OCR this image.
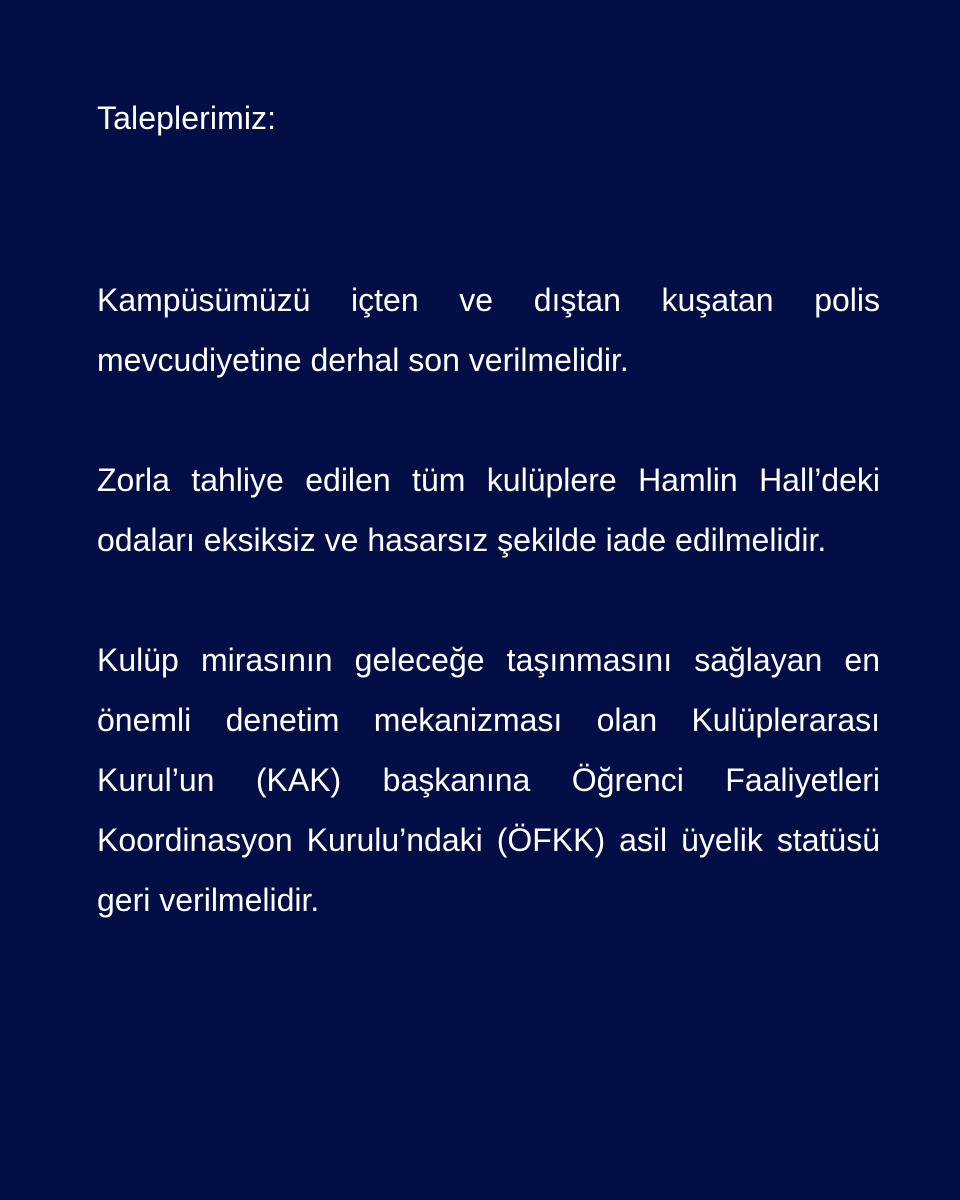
Taleplerimiz:

Kampüsümüzü içten ve dıştan kuşatan polis mevcudiyetine derhal son verilmelidir.

Zorla tahliye edilen tüm kulüplere Hamlin Hall’deki odaları eksiksiz ve hasarsız şekilde iade edilmelidir.

Kulüp mirasının geleceğe taşınmasını sağlayan en önemli denetim mekanizması olan Kulüplerarası Kurul’un (KAK) başkanına Öğrenci Faaliyetleri Koordinasyon Kurulu’ndaki (ÖFKK) asil üyelik statüsü geri verilmelidir.
